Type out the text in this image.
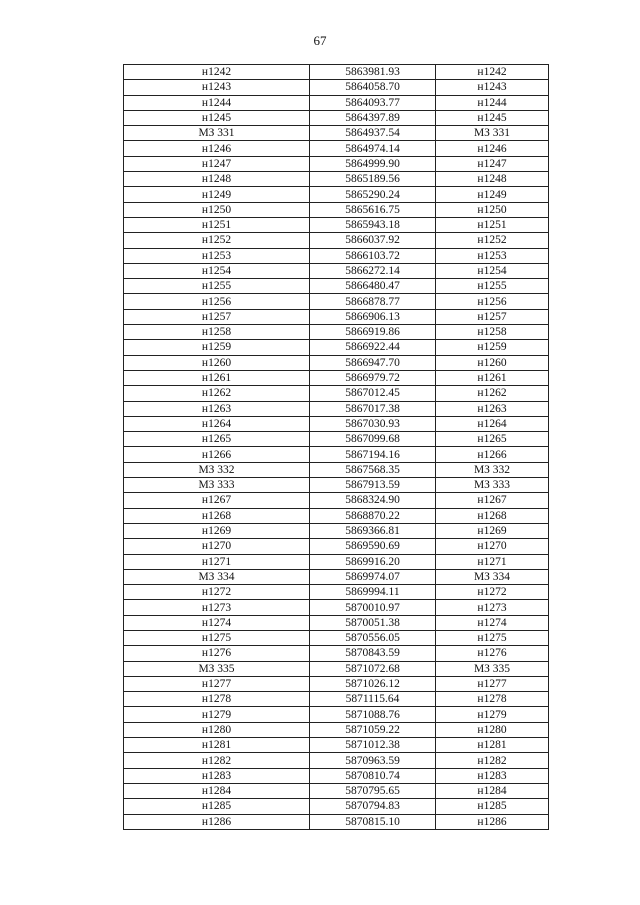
67
н1242	5863981.93	н1242
н1243	5864058.70	н1243
н1244	5864093.77	н1244
н1245	5864397.89	н1245
МЗ 331	5864937.54	МЗ 331
н1246	5864974.14	н1246
н1247	5864999.90	н1247
н1248	5865189.56	н1248
н1249	5865290.24	н1249
н1250	5865616.75	н1250
н1251	5865943.18	н1251
н1252	5866037.92	н1252
н1253	5866103.72	н1253
н1254	5866272.14	н1254
н1255	5866480.47	н1255
н1256	5866878.77	н1256
н1257	5866906.13	н1257
н1258	5866919.86	н1258
н1259	5866922.44	н1259
н1260	5866947.70	н1260
н1261	5866979.72	н1261
н1262	5867012.45	н1262
н1263	5867017.38	н1263
н1264	5867030.93	н1264
н1265	5867099.68	н1265
н1266	5867194.16	н1266
МЗ 332	5867568.35	МЗ 332
МЗ 333	5867913.59	МЗ 333
н1267	5868324.90	н1267
н1268	5868870.22	н1268
н1269	5869366.81	н1269
н1270	5869590.69	н1270
н1271	5869916.20	н1271
МЗ 334	5869974.07	МЗ 334
н1272	5869994.11	н1272
н1273	5870010.97	н1273
н1274	5870051.38	н1274
н1275	5870556.05	н1275
н1276	5870843.59	н1276
МЗ 335	5871072.68	МЗ 335
н1277	5871026.12	н1277
н1278	5871115.64	н1278
н1279	5871088.76	н1279
н1280	5871059.22	н1280
н1281	5871012.38	н1281
н1282	5870963.59	н1282
н1283	5870810.74	н1283
н1284	5870795.65	н1284
н1285	5870794.83	н1285
н1286	5870815.10	н1286
